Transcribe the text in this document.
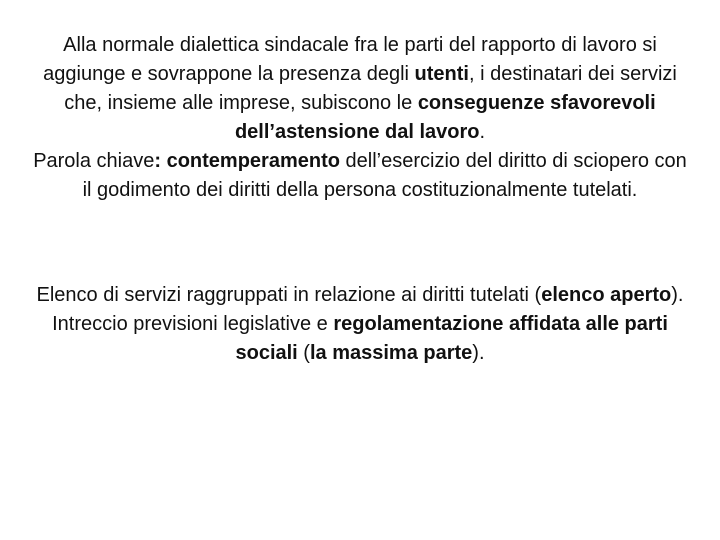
Alla normale dialettica sindacale fra le parti del rapporto di lavoro si aggiunge e sovrappone la presenza degli utenti, i destinatari dei servizi che, insieme alle imprese, subiscono le conseguenze sfavorevoli dell’astensione dal lavoro.

Parola chiave: contemperamento dell’esercizio del diritto di sciopero con il godimento dei diritti della persona costituzionalmente tutelati.

Elenco di servizi raggruppati in relazione ai diritti tutelati (elenco aperto).

Intreccio previsioni legislative e regolamentazione affidata alle parti sociali (la massima parte).
